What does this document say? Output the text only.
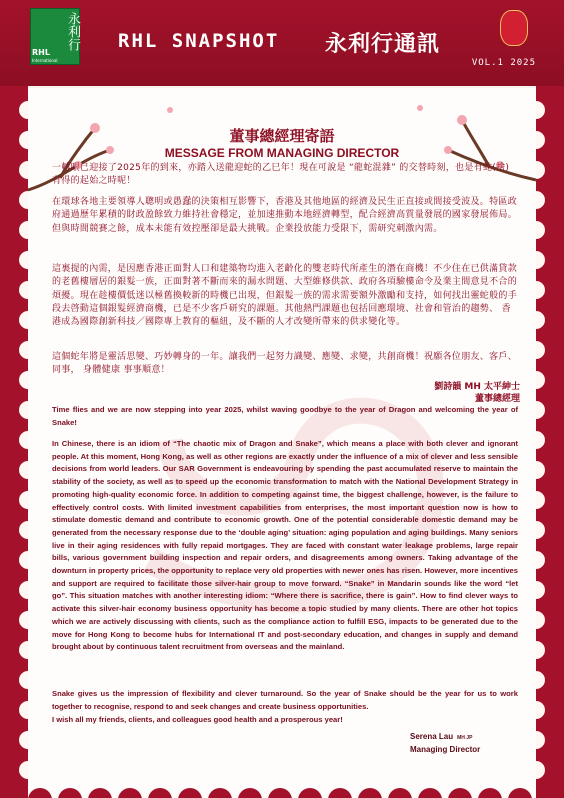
永利行
RHL
International
RHL SNAPSHOT 永利行通訊
VOL.1 2025
董事總經理寄語
MESSAGE FROM MANAGING DIRECTOR
一轉眼已迎接了2025年的到來，亦踏入送龍迎蛇的乙巳年！現在可說是 “龍蛇混雜” 的交替時刻，也是有蛇(捨)有得的起始之時呢！
在環球各地主要領導人聰明或愚蠢的決策相互影響下，香港及其他地區的經濟及民生正直接或間接受波及。特區政府通過歷年累積的財政盈餘致力維持社會穩定，並加速推動本地經濟轉型，配合經濟高質量發展的國家發展佈局。但與時間競賽之餘，成本未能有效控壓卻是最大挑戰。企業投放能力受限下，需研究刺激內需。
這裏提的內需，是因應香港正面對人口和建築物均進入老齡化的雙老時代所產生的潛在商機！不少住在已供滿貸款的老舊樓層居的銀髮一族，正面對著不斷而來的漏水問題、大型維修供款、政府各項驗樓命令及業主間意見不合的煩擾。現在趁樓價低迷以極舊換較新的時機已出現，但銀髮一族的需求需要額外激勵和支持，如何找出靈蛇般的手段去啓動這個銀髮經濟商機，已是不少客戶研究的課題。其他熱門課題也包括回應環境、社會和管治的趨勢、 香港成為國際創新科技／國際專上教育的樞紐，及不斷的人才改變所帶來的供求變化等。
這個蛇年將是靈活思變、巧妙轉身的一年。讓我們一起努力識變、應變、求變，共創商機！祝願各位朋友、客戶、同事， 身體健康 事事順意！
劉詩韻 MH 太平紳士
董事總經理
Time flies and we are now stepping into year 2025, whilst waving goodbye to the year of Dragon and welcoming the year of Snake!
In Chinese, there is an idiom of “The chaotic mix of Dragon and Snake”, which means a place with both clever and ignorant people. At this moment, Hong Kong, as well as other regions are exactly under the influence of a mix of clever and less sensible decisions from world leaders. Our SAR Government is endeavouring by spending the past accumulated reserve to maintain the stability of the society, as well as to speed up the economic transformation to match with the National Development Strategy in promoting high-quality economic force. In addition to competing against time, the biggest challenge, however, is the failure to effectively control costs. With limited investment capabilities from enterprises, the most important question now is how to stimulate domestic demand and contribute to economic growth. One of the potential considerable domestic demand may be generated from the necessary response due to the ‘double aging’ situation: aging population and aging buildings. Many seniors live in their aging residences with fully repaid mortgages. They are faced with constant water leakage problems, large repair bills, various government building inspection and repair orders, and disagreements among owners. Taking advantage of the downturn in property prices, the opportunity to replace very old properties with newer ones has risen. However, more incentives and support are required to facilitate those silver-hair group to move forward. “Snake” in Mandarin sounds like the word “let go”. This situation matches with another interesting idiom: “Where there is sacrifice, there is gain”. How to find clever ways to activate this silver-hair economy business opportunity has become a topic studied by many clients. There are other hot topics which we are actively discussing with clients, such as the compliance action to fulfill ESG, impacts to be generated due to the move for Hong Kong to become hubs for International IT and post-secondary education, and changes in supply and demand brought about by continuous talent recruitment from overseas and the mainland.
Snake gives us the impression of flexibility and clever turnaround. So the year of Snake should be the year for us to work together to recognise, respond to and seek changes and create business opportunities.
I wish all my friends, clients, and colleagues good health and a prosperous year!
Serena Lau MH JP
Managing Director
